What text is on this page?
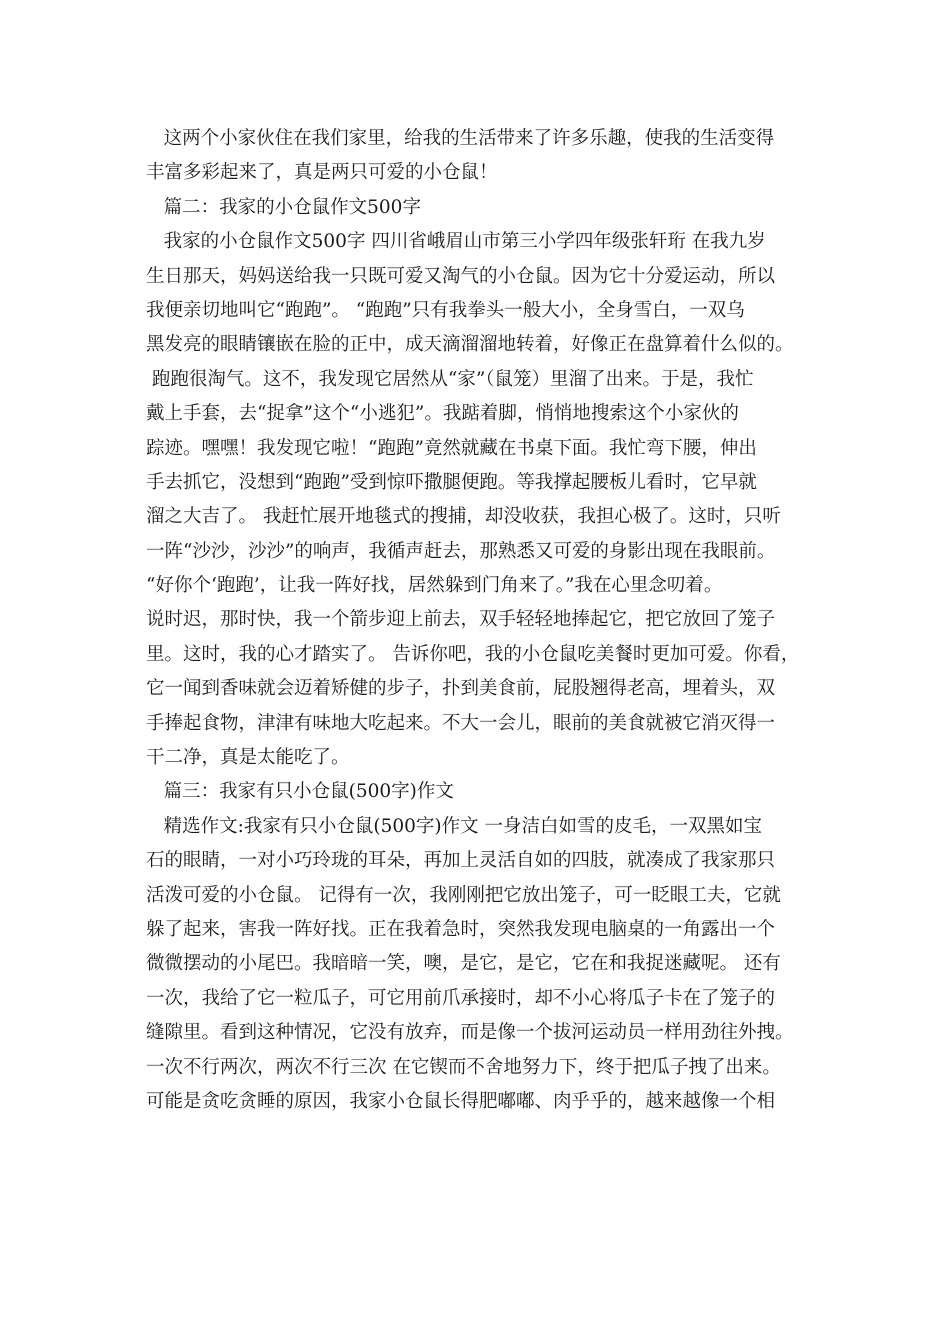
这两个小家伙住在我们家里，给我的生活带来了许多乐趣，使我的生活变得
丰富多彩起来了，真是两只可爱的小仓鼠！
篇二：我家的小仓鼠作文500字
我家的小仓鼠作文500字 四川省峨眉山市第三小学四年级张轩珩 在我九岁
生日那天，妈妈送给我一只既可爱又淘气的小仓鼠。因为它十分爱运动，所以
我便亲切地叫它“跑跑”。 “跑跑”只有我拳头一般大小，全身雪白，一双乌
黑发亮的眼睛镶嵌在脸的正中，成天滴溜溜地转着，好像正在盘算着什么似的。
跑跑很淘气。这不，我发现它居然从“家”（鼠笼）里溜了出来。于是，我忙
戴上手套，去“捉拿”这个“小逃犯”。我踮着脚，悄悄地搜索这个小家伙的
踪迹。嘿嘿！我发现它啦！“跑跑”竟然就藏在书桌下面。我忙弯下腰，伸出
手去抓它，没想到“跑跑”受到惊吓撒腿便跑。等我撑起腰板儿看时，它早就
溜之大吉了。 我赶忙展开地毯式的搜捕，却没收获，我担心极了。这时，只听
一阵“沙沙，沙沙”的响声，我循声赶去，那熟悉又可爱的身影出现在我眼前。
“好你个‘跑跑’，让我一阵好找，居然躲到门角来了。”我在心里念叨着。
说时迟，那时快，我一个箭步迎上前去，双手轻轻地捧起它，把它放回了笼子
里。这时，我的心才踏实了。 告诉你吧，我的小仓鼠吃美餐时更加可爱。你看，
它一闻到香味就会迈着矫健的步子，扑到美食前，屁股翘得老高，埋着头，双
手捧起食物，津津有味地大吃起来。不大一会儿，眼前的美食就被它消灭得一
干二净，真是太能吃了。
篇三：我家有只小仓鼠(500字)作文
精选作文:我家有只小仓鼠(500字)作文 一身洁白如雪的皮毛，一双黑如宝
石的眼睛，一对小巧玲珑的耳朵，再加上灵活自如的四肢，就凑成了我家那只
活泼可爱的小仓鼠。 记得有一次，我刚刚把它放出笼子，可一眨眼工夫，它就
躲了起来，害我一阵好找。正在我着急时，突然我发现电脑桌的一角露出一个
微微摆动的小尾巴。我暗暗一笑，噢，是它，是它，它在和我捉迷藏呢。 还有
一次，我给了它一粒瓜子，可它用前爪承接时，却不小心将瓜子卡在了笼子的
缝隙里。看到这种情况，它没有放弃，而是像一个拔河运动员一样用劲往外拽。
一次不行两次，两次不行三次 在它锲而不舍地努力下，终于把瓜子拽了出来。
可能是贪吃贪睡的原因，我家小仓鼠长得肥嘟嘟、肉乎乎的，越来越像一个相
